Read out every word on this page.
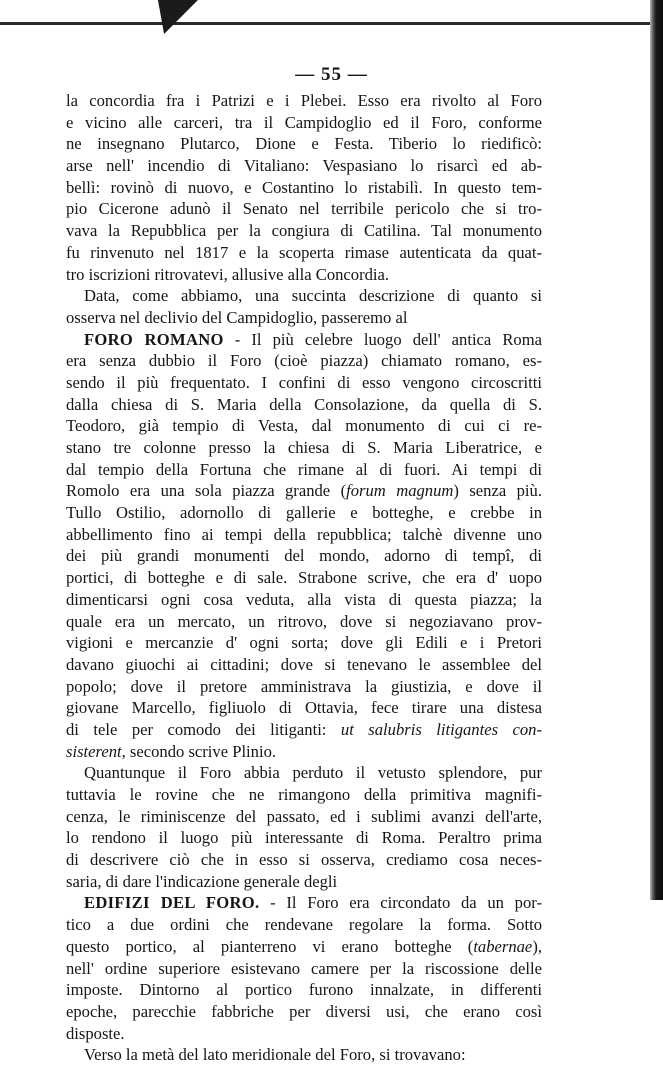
— 55 —
la concordia fra i Patrizi e i Plebei. Esso era rivolto al Foro
e vicino alle carceri, tra il Campidoglio ed il Foro, conforme
ne insegnano Plutarco, Dione e Festa. Tiberio lo riedificò:
arse nell' incendio di Vitaliano: Vespasiano lo risarcì ed ab-
bellì: rovinò di nuovo, e Costantino lo ristabilì. In questo tem-
pio Cicerone adunò il Senato nel terribile pericolo che si tro-
vava la Repubblica per la congiura di Catilina. Tal monumento
fu rinvenuto nel 1817 e la scoperta rimase autenticata da quat-
tro iscrizioni ritrovatevi, allusive alla Concordia.
Data, come abbiamo, una succinta descrizione di quanto si
osserva nel declivio del Campidoglio, passeremo al
FORO ROMANO - Il più celebre luogo dell' antica Roma
era senza dubbio il Foro (cioè piazza) chiamato romano, es-
sendo il più frequentato. I confini di esso vengono circoscritti
dalla chiesa di S. Maria della Consolazione, da quella di S.
Teodoro, già tempio di Vesta, dal monumento di cui ci re-
stano tre colonne presso la chiesa di S. Maria Liberatrice, e
dal tempio della Fortuna che rimane al di fuori. Ai tempi di
Romolo era una sola piazza grande (forum magnum) senza più.
Tullo Ostilio, adornollo di gallerie e botteghe, e crebbe in
abbellimento fino ai tempi della repubblica; talchè divenne uno
dei più grandi monumenti del mondo, adorno di tempî, di
portici, di botteghe e di sale. Strabone scrive, che era d' uopo
dimenticarsi ogni cosa veduta, alla vista di questa piazza; la
quale era un mercato, un ritrovo, dove si negoziavano prov-
vigioni e mercanzie d' ogni sorta; dove gli Edili e i Pretori
davano giuochi ai cittadini; dove si tenevano le assemblee del
popolo; dove il pretore amministrava la giustizia, e dove il
giovane Marcello, figliuolo di Ottavia, fece tirare una distesa
di tele per comodo dei litiganti: ut salubris litigantes con-
sisterent, secondo scrive Plinio.
Quantunque il Foro abbia perduto il vetusto splendore, pur
tuttavia le rovine che ne rimangono della primitiva magnifi-
cenza, le riminiscenze del passato, ed i sublimi avanzi dell'arte,
lo rendono il luogo più interessante di Roma. Peraltro prima
di descrivere ciò che in esso si osserva, crediamo cosa neces-
saria, di dare l'indicazione generale degli
EDIFIZI DEL FORO. - Il Foro era circondato da un por-
tico a due ordini che rendevane regolare la forma. Sotto
questo portico, al pianterreno vi erano botteghe (tabernae),
nell' ordine superiore esistevano camere per la riscossione delle
imposte. Dintorno al portico furono innalzate, in differenti
epoche, parecchie fabbriche per diversi usi, che erano così
disposte.
Verso la metà del lato meridionale del Foro, si trovavano:
